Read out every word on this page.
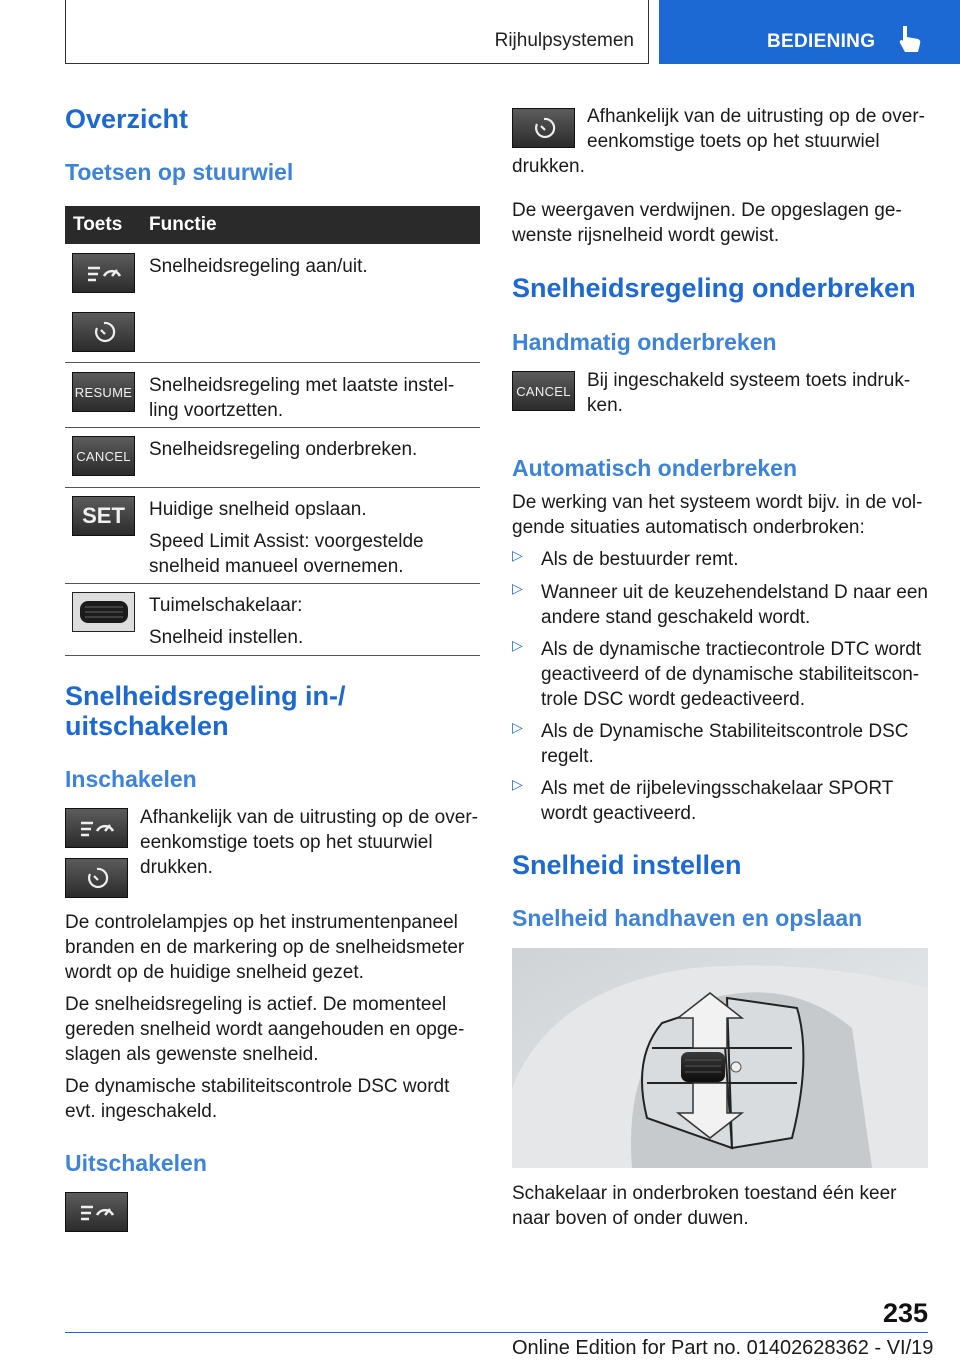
Rijhulpsystemen	BEDIENING
Overzicht
Toetsen op stuurwiel
Toets	Functie

Snelheidsregeling aan/uit.

RESUME Snelheidsregeling met laatste instel-

ling voortzetten.

CANCEL Snelheidsregeling onderbreken.

SET Huidige snelheid opslaan.

Speed Limit Assist: voorgestelde

snelheid manueel overnemen.

Tuimelschakelaar:

Snelheid instellen.

Snelheidsregeling in-/
uitschakelen
Inschakelen

Afhankelijk van de uitrusting op de over-

eenkomstige toets op het stuurwiel

drukken.

De controlelampjes op het instrumentenpaneel

branden en de markering op de snelheidsmeter

wordt op de huidige snelheid gezet.

De snelheidsregeling is actief. De momenteel

gereden snelheid wordt aangehouden en opge-

slagen als gewenste snelheid.

De dynamische stabiliteitscontrole DSC wordt

evt. ingeschakeld.

Uitschakelen

Afhankelijk van de uitrusting op de over-

eenkomstige toets op het stuurwiel

drukken.

De weergaven verdwijnen. De opgeslagen ge-

wenste rijsnelheid wordt gewist.

Snelheidsregeling onderbreken
Handmatig onderbreken
CANCEL Bij ingeschakeld systeem toets indruk-

ken.

Automatisch onderbreken

De werking van het systeem wordt bijv. in de vol-

gende situaties automatisch onderbroken:

▷ Als de bestuurder remt.
▷ Wanneer uit de keuzehendelstand D naar een

andere stand geschakeld wordt.

▷ Als de dynamische tractiecontrole DTC wordt

geactiveerd of de dynamische stabiliteitscon-

trole DSC wordt gedeactiveerd.

▷ Als de Dynamische Stabiliteitscontrole DSC

regelt.

▷ Als met de rijbelevingsschakelaar SPORT

wordt geactiveerd.

Snelheid instellen
Snelheid handhaven en opslaan

Schakelaar in onderbroken toestand één keer

naar boven of onder duwen.

235
Online Edition for Part no. 01402628362 - VI/19
